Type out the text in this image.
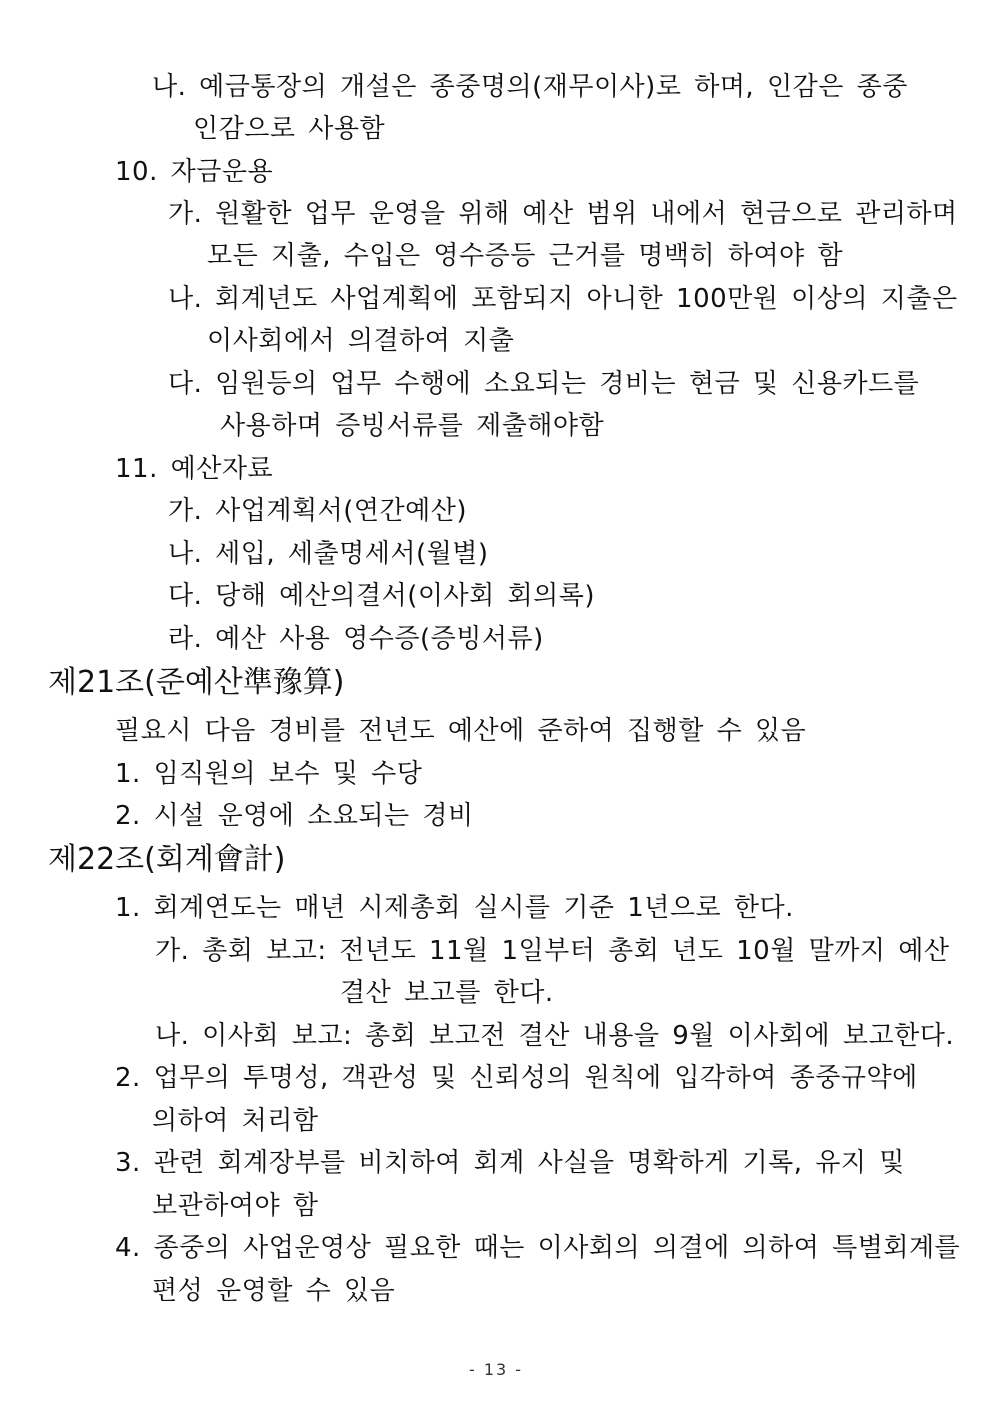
나. 예금통장의 개설은 종중명의(재무이사)로 하며, 인감은 종중
인감으로 사용함
10. 자금운용
가. 원활한 업무 운영을 위해 예산 범위 내에서 현금으로 관리하며
모든 지출, 수입은 영수증등 근거를 명백히 하여야 함
나. 회계년도 사업계획에 포함되지 아니한 100만원 이상의 지출은
이사회에서 의결하여 지출
다. 임원등의 업무 수행에 소요되는 경비는 현금 및 신용카드를
사용하며 증빙서류를 제출해야함
11. 예산자료
가. 사업계획서(연간예산)
나. 세입, 세출명세서(월별)
다. 당해 예산의결서(이사회 회의록)
라. 예산 사용 영수증(증빙서류)
제21조(준예산準豫算)
필요시 다음 경비를 전년도 예산에 준하여 집행할 수 있음
1. 임직원의 보수 및 수당
2. 시설 운영에 소요되는 경비
제22조(회계會計)
1. 회계연도는 매년 시제총회 실시를 기준 1년으로 한다.
가. 총회 보고: 전년도 11월 1일부터 총회 년도 10월 말까지 예산
결산 보고를 한다.
나. 이사회 보고: 총회 보고전 결산 내용을 9월 이사회에 보고한다.
2. 업무의 투명성, 객관성 및 신뢰성의 원칙에 입각하여 종중규약에
의하여 처리함
3. 관련 회계장부를 비치하여 회계 사실을 명확하게 기록, 유지 및
보관하여야 함
4. 종중의 사업운영상 필요한 때는 이사회의 의결에 의하여 특별회계를
편성 운영할 수 있음
- 13 -
